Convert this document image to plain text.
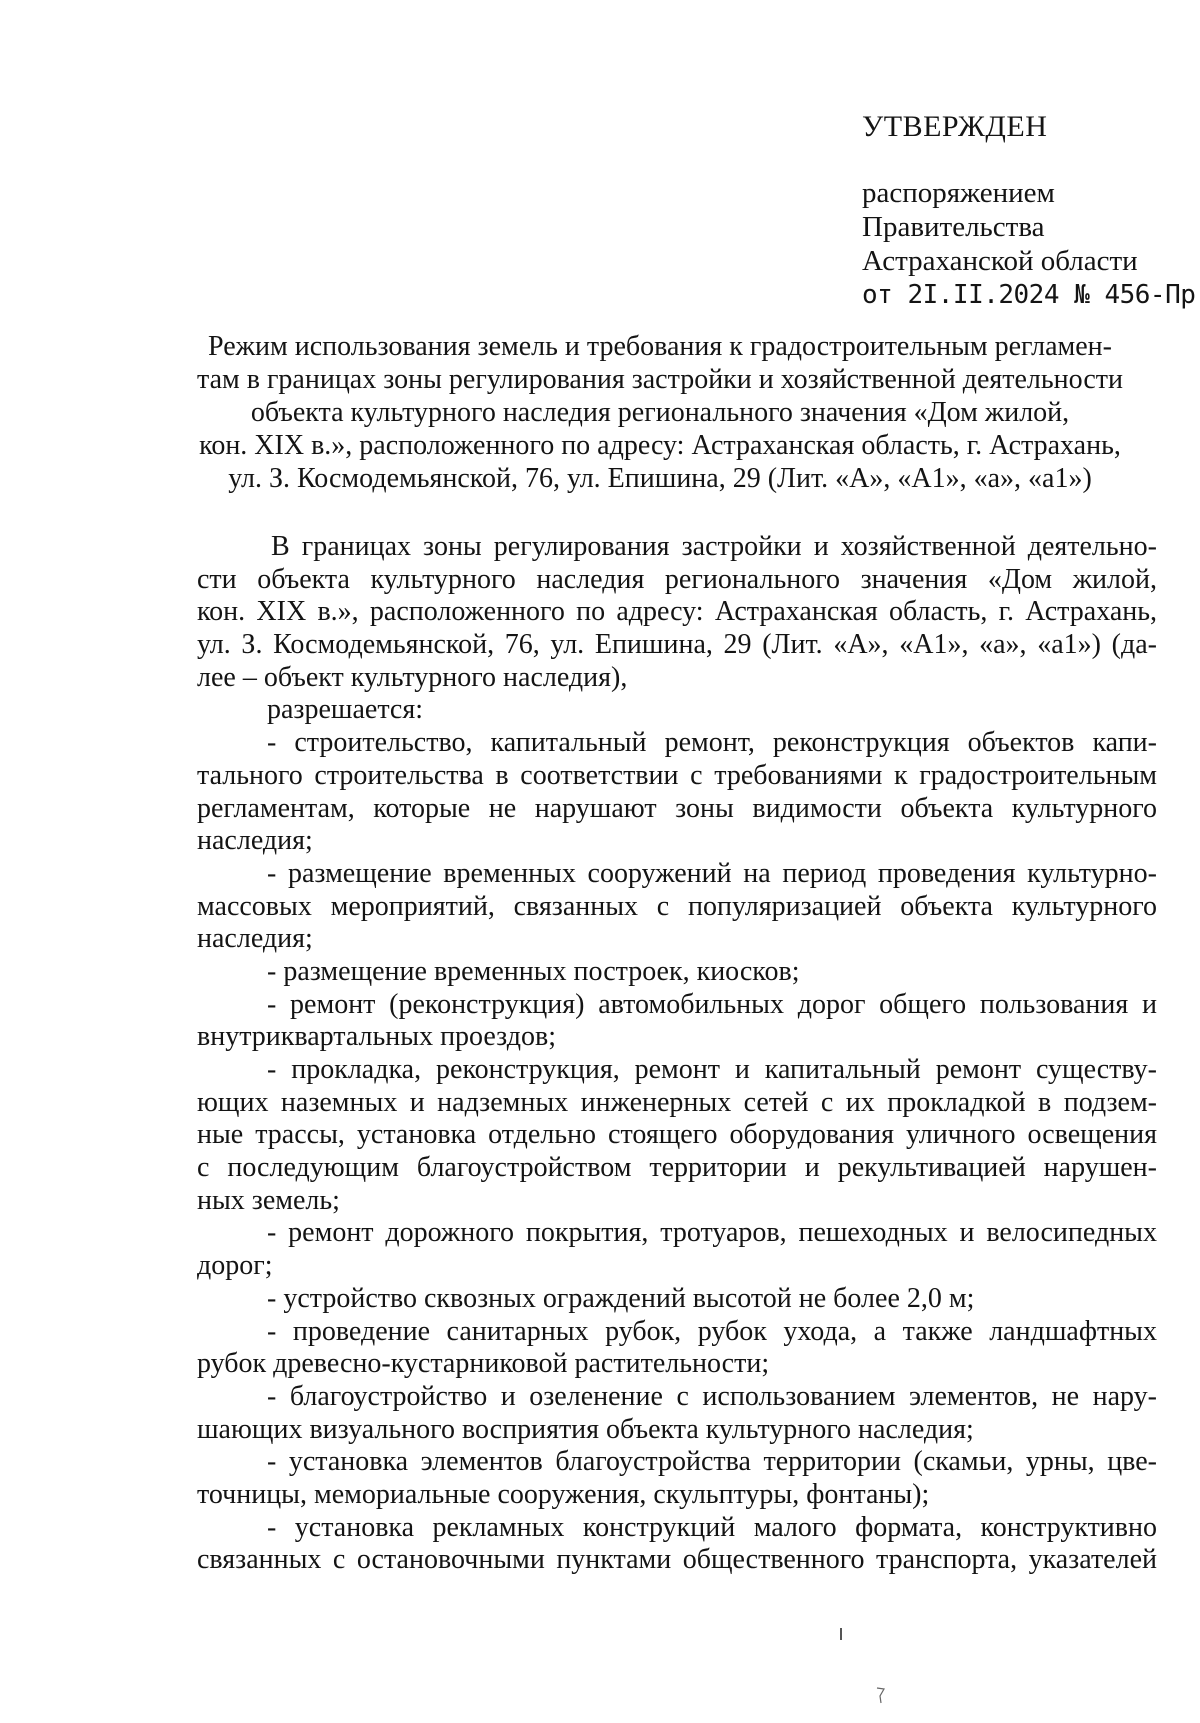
УТВЕРЖДЕН
распоряжением
Правительства
Астраханской области
от 2I.II.2024 № 456-Пр
Режим использования земель и требования к градостроительным регламен-
там в границах зоны регулирования застройки и хозяйственной деятельности
объекта культурного наследия регионального значения «Дом жилой,
кон. XIX в.», расположенного по адресу: Астраханская область, г. Астрахань,
ул. З. Космодемьянской, 76, ул. Епишина, 29 (Лит. «А», «А1», «а», «а1»)
В границах зоны регулирования застройки и хозяйственной деятельно-
сти объекта культурного наследия регионального значения «Дом жилой,
кон. XIX в.», расположенного по адресу: Астраханская область, г. Астрахань,
ул. З. Космодемьянской, 76, ул. Епишина, 29 (Лит. «А», «А1», «а», «а1») (да-
лее – объект культурного наследия),
разрешается:
- строительство, капитальный ремонт, реконструкция объектов капи-
тального строительства в соответствии с требованиями к градостроительным
регламентам, которые не нарушают зоны видимости объекта культурного
наследия;
- размещение временных сооружений на период проведения культурно-
массовых мероприятий, связанных с популяризацией объекта культурного
наследия;
- размещение временных построек, киосков;
- ремонт (реконструкция) автомобильных дорог общего пользования и
внутриквартальных проездов;
- прокладка, реконструкция, ремонт и капитальный ремонт существу-
ющих наземных и надземных инженерных сетей с их прокладкой в подзем-
ные трассы, установка отдельно стоящего оборудования уличного освещения
с последующим благоустройством территории и рекультивацией нарушен-
ных земель;
- ремонт дорожного покрытия, тротуаров, пешеходных и велосипедных
дорог;
- устройство сквозных ограждений высотой не более 2,0 м;
- проведение санитарных рубок, рубок ухода, а также ландшафтных
рубок древесно-кустарниковой растительности;
- благоустройство и озеленение с использованием элементов, не нару-
шающих визуального восприятия объекта культурного наследия;
- установка элементов благоустройства территории (скамьи, урны, цве-
точницы, мемориальные сооружения, скульптуры, фонтаны);
- установка рекламных конструкций малого формата, конструктивно
связанных с остановочными пунктами общественного транспорта, указателей
